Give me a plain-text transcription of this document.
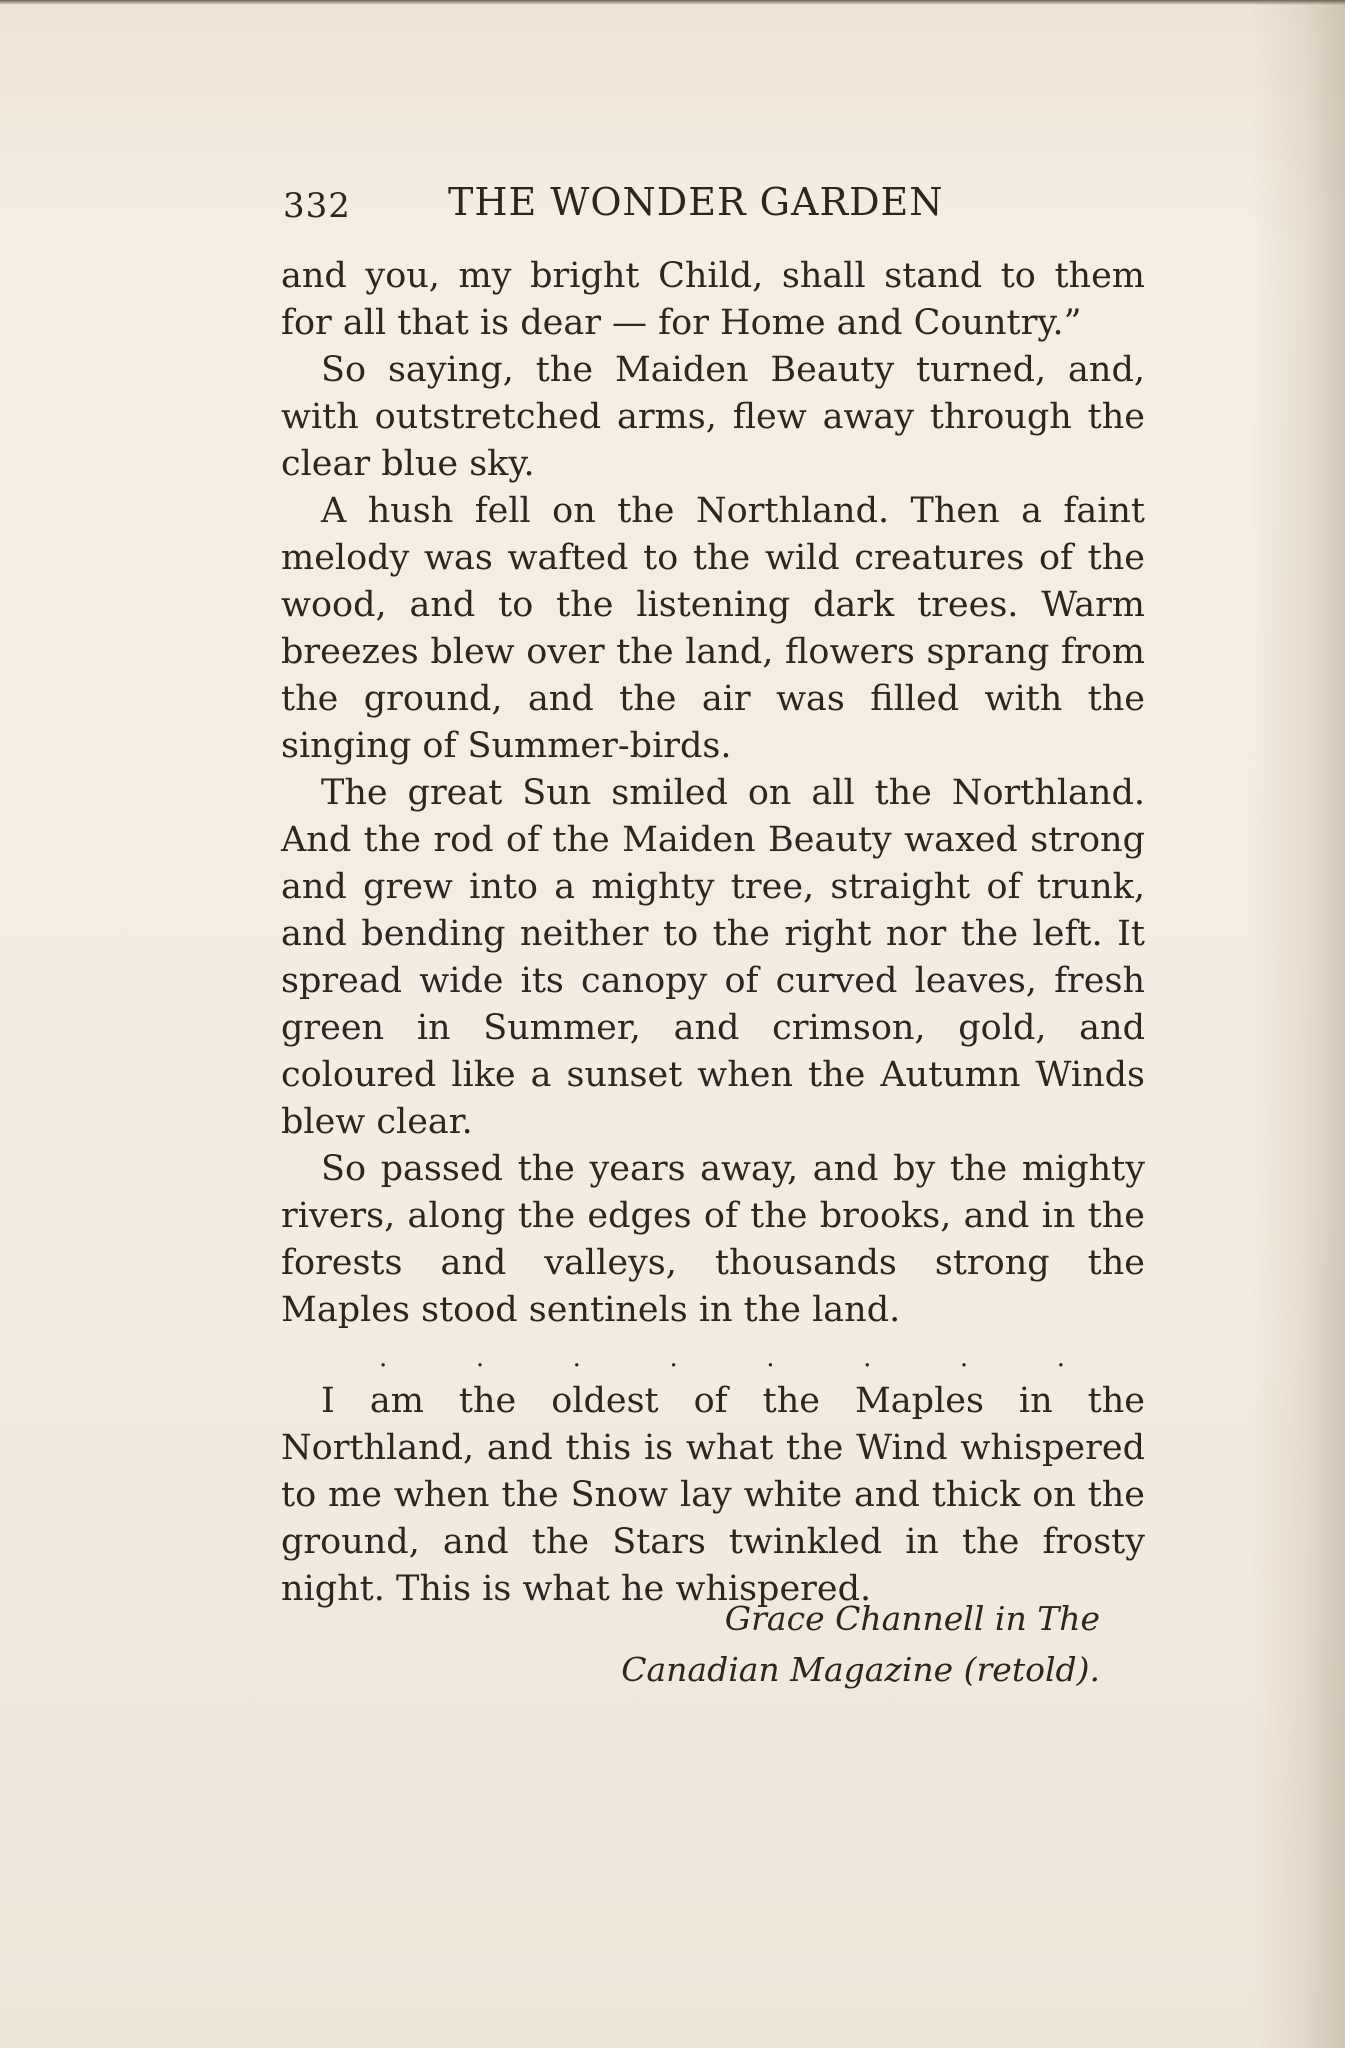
332	THE WONDER GARDEN

and you, my bright Child, shall stand to them for all that is dear — for Home and Country.”

So saying, the Maiden Beauty turned, and, with outstretched arms, flew away through the clear blue sky.

A hush fell on the Northland. Then a faint melody was wafted to the wild creatures of the wood, and to the listening dark trees. Warm breezes blew over the land, flowers sprang from the ground, and the air was filled with the singing of Summer-birds.

The great Sun smiled on all the Northland. And the rod of the Maiden Beauty waxed strong and grew into a mighty tree, straight of trunk, and bending neither to the right nor the left. It spread wide its canopy of curved leaves, fresh green in Summer, and crimson, gold, and coloured like a sunset when the Autumn Winds blew clear.

So passed the years away, and by the mighty rivers, along the edges of the brooks, and in the forests and valleys, thousands strong the Maples stood sentinels in the land.

.	.	.	.	.	.	.	.

I am the oldest of the Maples in the Northland, and this is what the Wind whispered to me when the Snow lay white and thick on the ground, and the Stars twinkled in the frosty night. This is what he whispered.

Grace Channell in The
Canadian Magazine (retold).
